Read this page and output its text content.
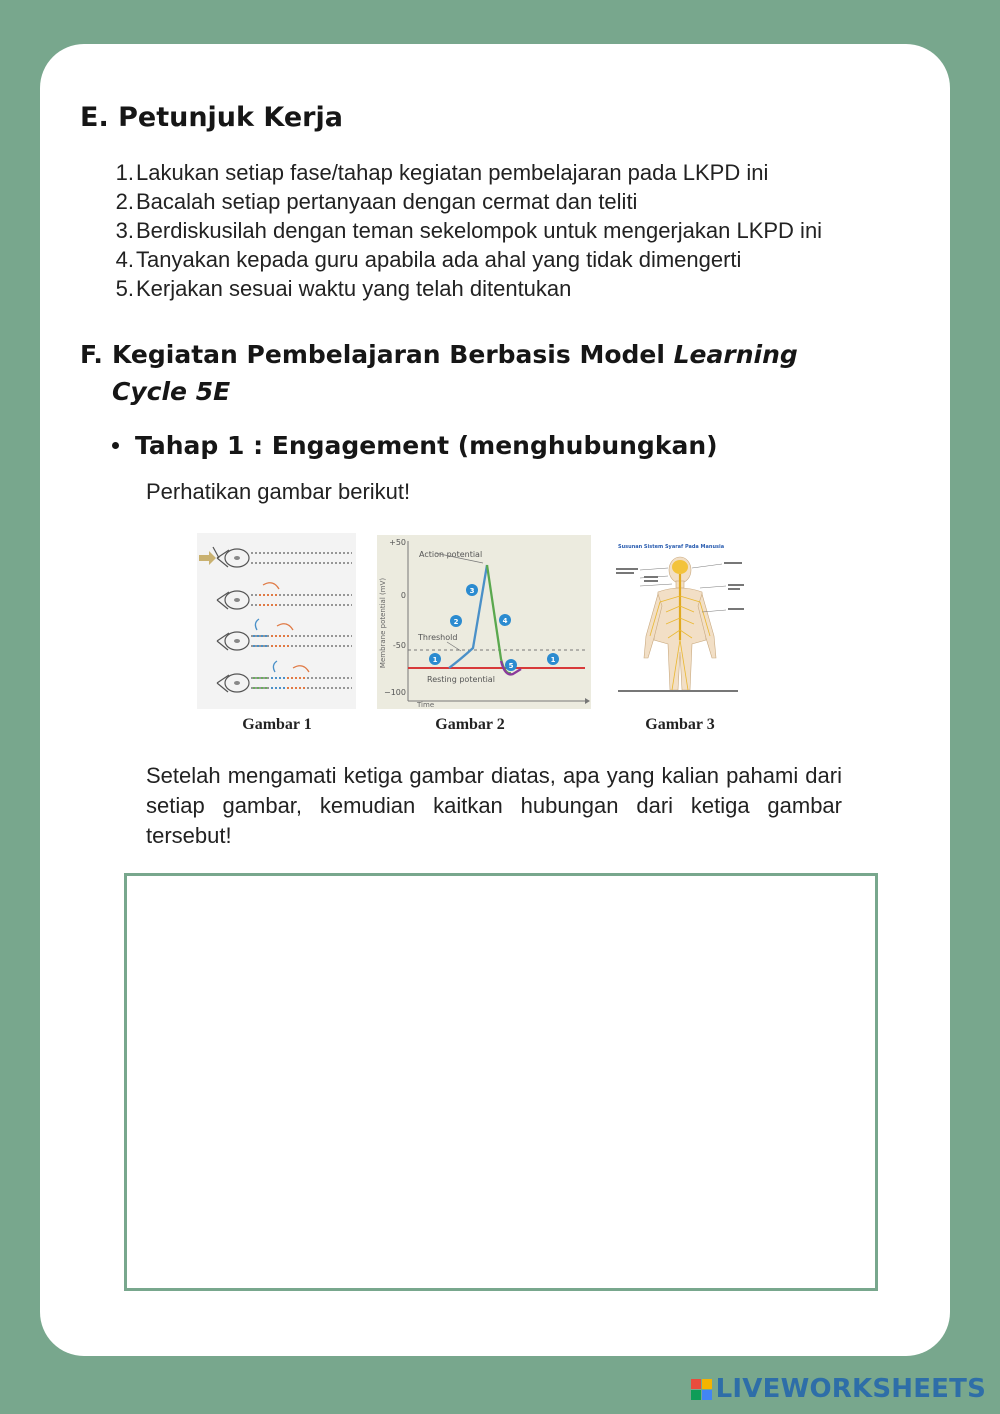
E. Petunjuk Kerja
1. Lakukan setiap fase/tahap kegiatan pembelajaran pada LKPD ini
2. Bacalah setiap pertanyaan dengan cermat dan teliti
3. Berdiskusilah dengan teman sekelompok untuk mengerjakan LKPD ini
4. Tanyakan kepada guru apabila ada ahal yang tidak dimengerti
5. Kerjakan sesuai waktu yang telah ditentukan
F. Kegiatan Pembelajaran Berbasis Model Learning Cycle 5E
Tahap 1 : Engagement (menghubungkan)

Perhatikan gambar berikut!

Gambar 1
+50
0
-50
−100
Membrane potential (mV)
Time
Action potential
Threshold
Resting potential
1
2
3
4
5
1
Gambar 2
Susunan Sistem Syaraf Pada Manusia
Gambar 3

Setelah mengamati ketiga gambar diatas, apa yang kalian pahami dari setiap gambar, kemudian kaitkan hubungan dari ketiga gambar tersebut!

LIVEWORKSHEETS
